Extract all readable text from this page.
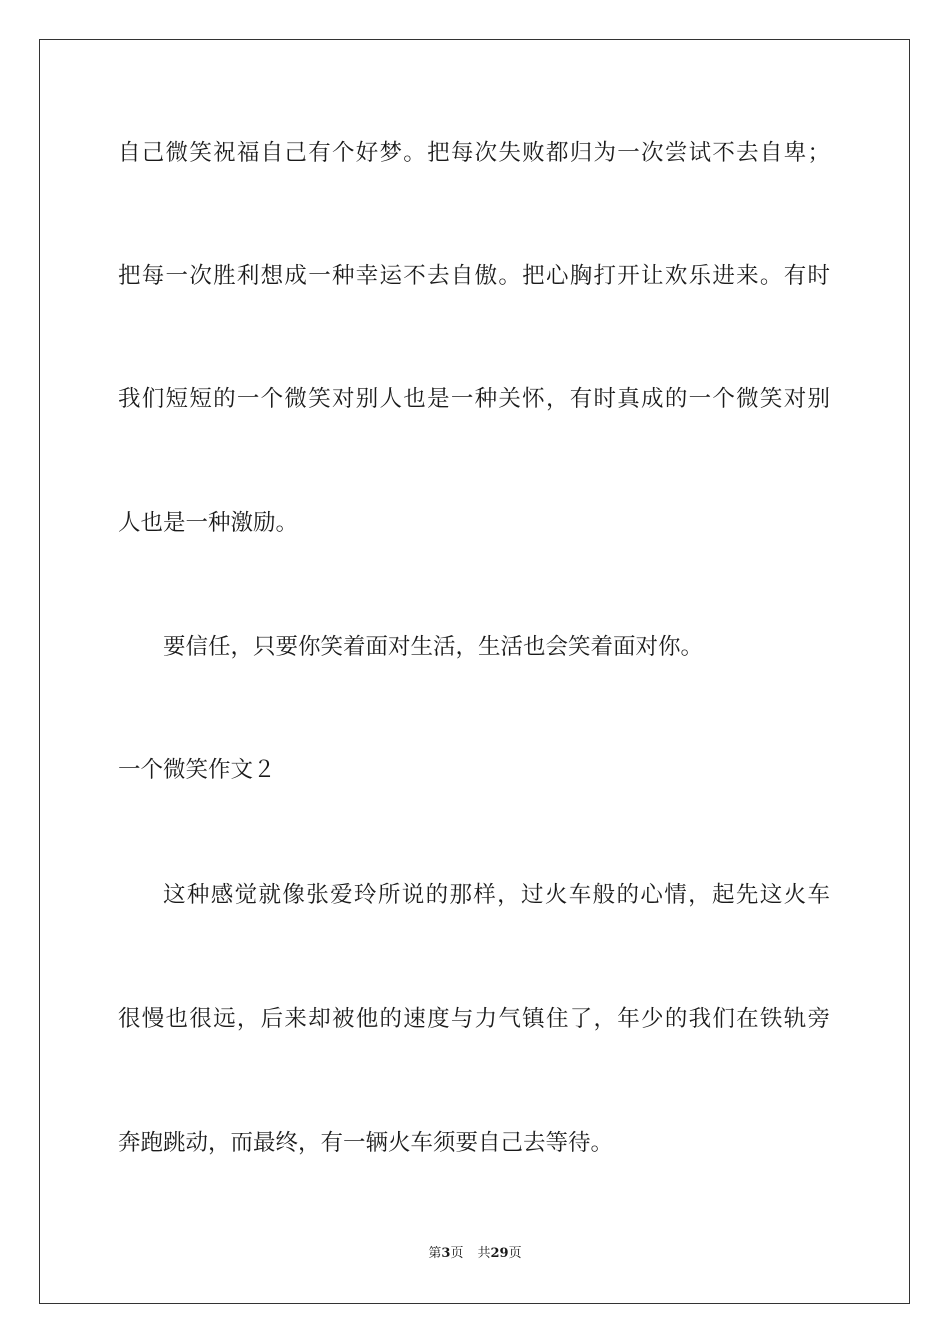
自己微笑祝福自己有个好梦。把每次失败都归为一次尝试不去自卑；
把每一次胜利想成一种幸运不去自傲。把心胸打开让欢乐进来。有时
我们短短的一个微笑对别人也是一种关怀，有时真成的一个微笑对别
人也是一种激励。
要信任，只要你笑着面对生活，生活也会笑着面对你。
一个微笑作文２
这种感觉就像张爱玲所说的那样，过火车般的心情，起先这火车
很慢也很远，后来却被他的速度与力气镇住了，年少的我们在铁轨旁
奔跑跳动，而最终，有一辆火车须要自己去等待。
第3页 共29页
